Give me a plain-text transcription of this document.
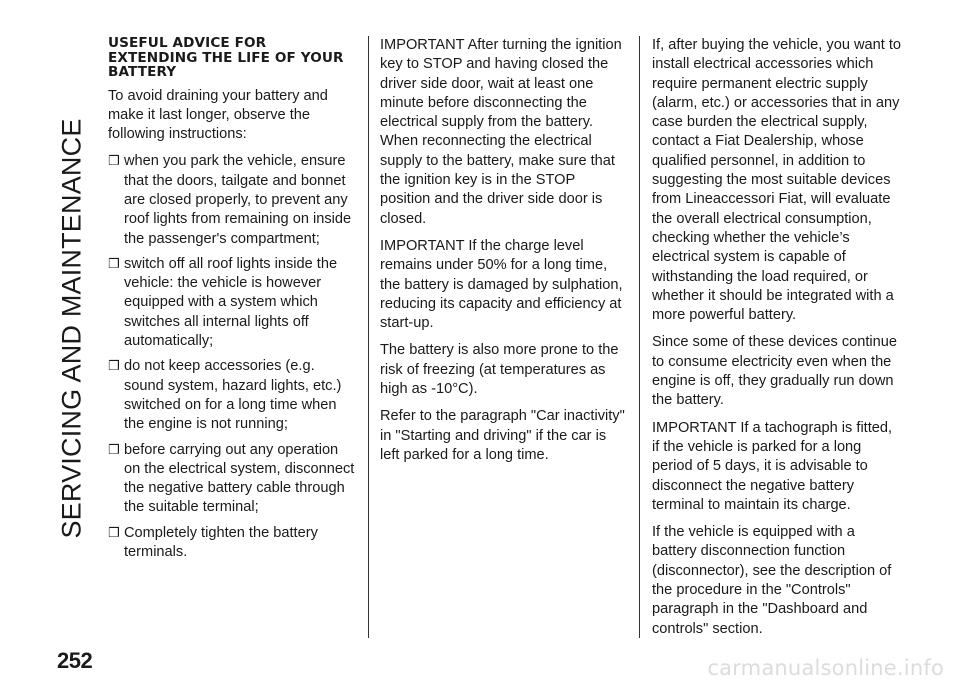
SERVICING AND MAINTENANCE
252
USEFUL ADVICE FOR EXTENDING THE LIFE OF YOUR BATTERY

To avoid draining your battery and make it last longer, observe the following instructions:

❒ when you park the vehicle, ensure that the doors, tailgate and bonnet are closed properly, to prevent any roof lights from remaining on inside the passenger's compartment;
❒ switch off all roof lights inside the vehicle: the vehicle is however equipped with a system which switches all internal lights off automatically;
❒ do not keep accessories (e.g. sound system, hazard lights, etc.) switched on for a long time when the engine is not running;
❒ before carrying out any operation on the electrical system, disconnect the negative battery cable through the suitable terminal;
❒ Completely tighten the battery terminals.

IMPORTANT After turning the ignition key to STOP and having closed the driver side door, wait at least one minute before disconnecting the electrical supply from the battery. When reconnecting the electrical supply to the battery, make sure that the ignition key is in the STOP position and the driver side door is closed.

IMPORTANT If the charge level remains under 50% for a long time, the battery is damaged by sulphation, reducing its capacity and efficiency at start-up.

The battery is also more prone to the risk of freezing (at temperatures as high as -10°C).

Refer to the paragraph "Car inactivity" in "Starting and driving" if the car is left parked for a long time.

If, after buying the vehicle, you want to install electrical accessories which require permanent electric supply (alarm, etc.) or accessories that in any case burden the electrical supply, contact a Fiat Dealership, whose qualified personnel, in addition to suggesting the most suitable devices from Lineaccessori Fiat, will evaluate the overall electrical consumption, checking whether the vehicle’s electrical system is capable of withstanding the load required, or whether it should be integrated with a more powerful battery.

Since some of these devices continue to consume electricity even when the engine is off, they gradually run down the battery.

IMPORTANT If a tachograph is fitted, if the vehicle is parked for a long period of 5 days, it is advisable to disconnect the negative battery terminal to maintain its charge.

If the vehicle is equipped with a battery disconnection function (disconnector), see the description of the procedure in the "Controls" paragraph in the "Dashboard and controls" section.

carmanualsonline.info
